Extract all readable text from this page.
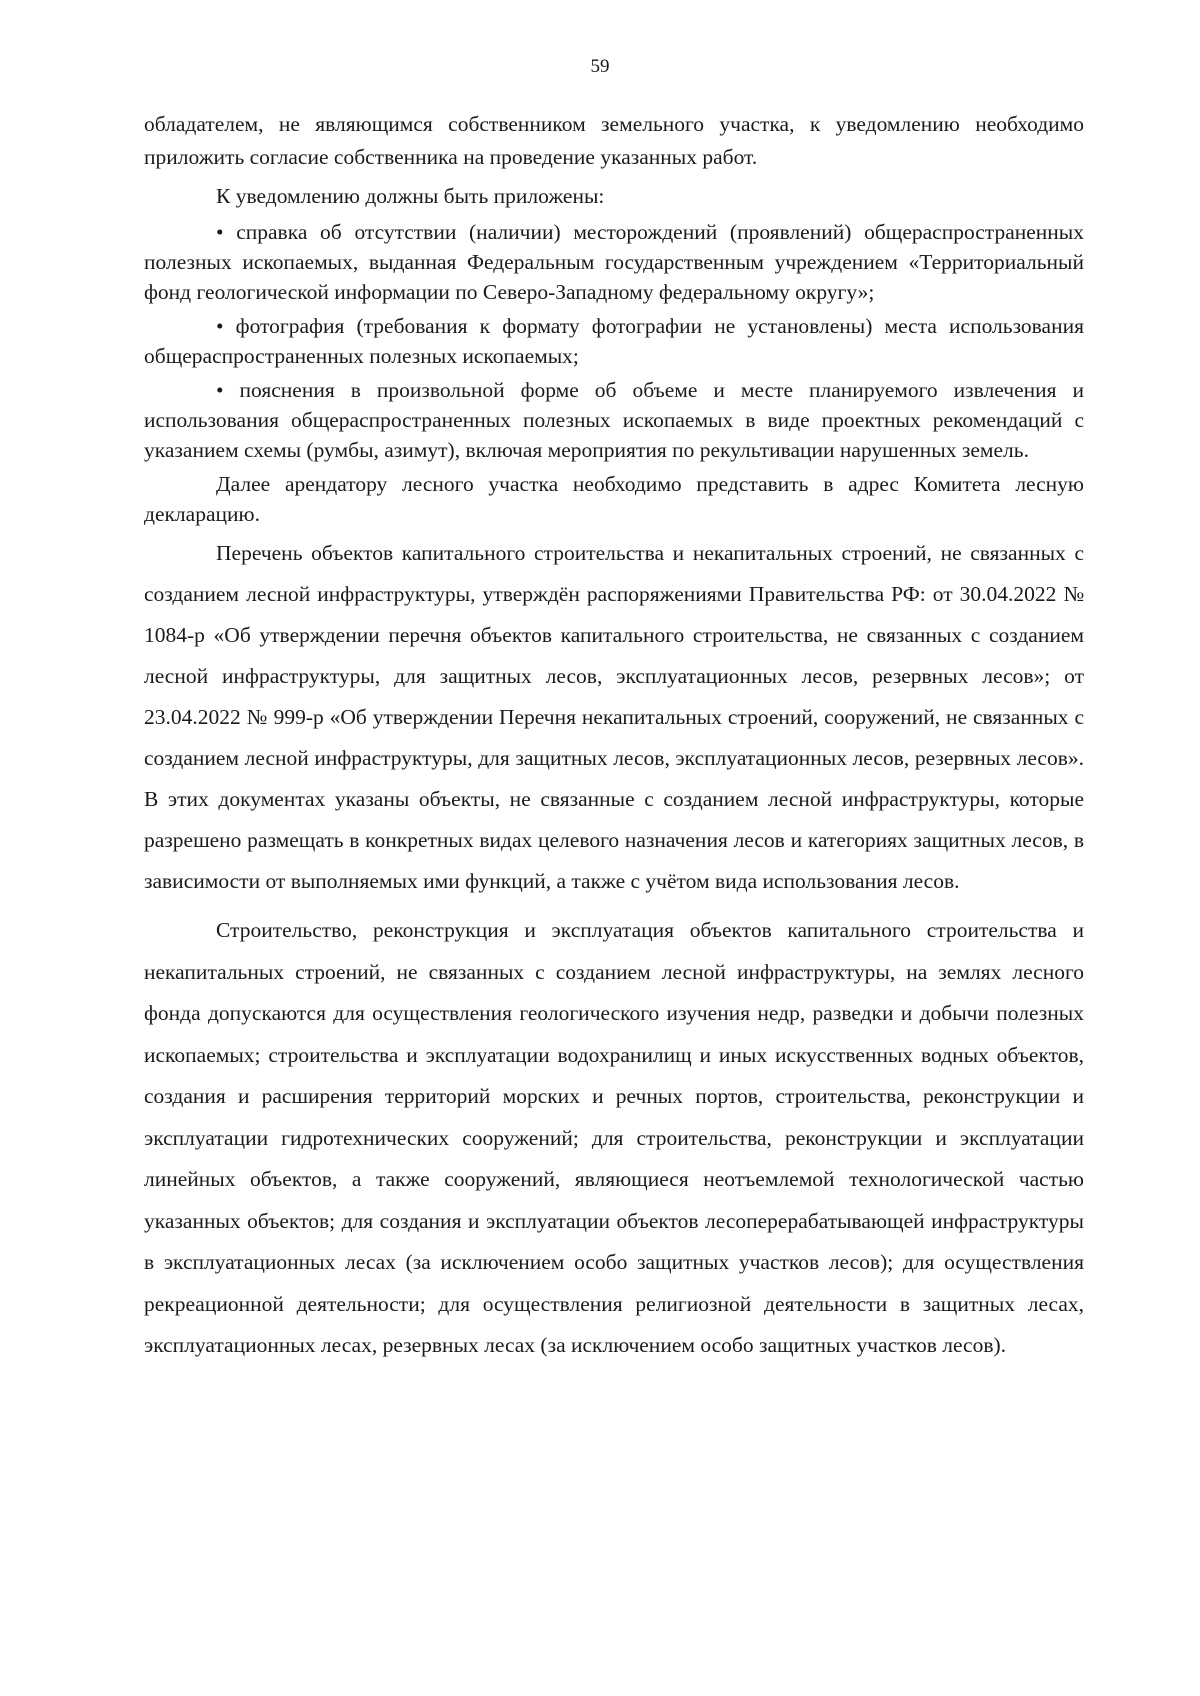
59

обладателем, не являющимся собственником земельного участка, к уведомлению необходимо приложить согласие собственника на проведение указанных работ.

К уведомлению должны быть приложены:

• справка об отсутствии (наличии) месторождений (проявлений) общераспространенных полезных ископаемых, выданная Федеральным государственным учреждением «Территориальный фонд геологической информации по Северо-Западному федеральному округу»;

• фотография (требования к формату фотографии не установлены) места использования общераспространенных полезных ископаемых;

• пояснения в произвольной форме об объеме и месте планируемого извлечения и использования общераспространенных полезных ископаемых в виде проектных рекомендаций с указанием схемы (румбы, азимут), включая мероприятия по рекультивации нарушенных земель.

Далее арендатору лесного участка необходимо представить в адрес Комитета лесную декларацию.

Перечень объектов капитального строительства и некапитальных строений, не связанных с созданием лесной инфраструктуры, утверждён распоряжениями Правительства РФ: от 30.04.2022 № 1084-р «Об утверждении перечня объектов капитального строительства, не связанных с созданием лесной инфраструктуры, для защитных лесов, эксплуатационных лесов, резервных лесов»; от 23.04.2022 № 999-р «Об утверждении Перечня некапитальных строений, сооружений, не связанных с созданием лесной инфраструктуры, для защитных лесов, эксплуатационных лесов, резервных лесов». В этих документах указаны объекты, не связанные с созданием лесной инфраструктуры, которые разрешено размещать в конкретных видах целевого назначения лесов и категориях защитных лесов, в зависимости от выполняемых ими функций, а также с учётом вида использования лесов.

Строительство, реконструкция и эксплуатация объектов капитального строительства и некапитальных строений, не связанных с созданием лесной инфраструктуры, на землях лесного фонда допускаются для осуществления геологического изучения недр, разведки и добычи полезных ископаемых; строительства и эксплуатации водохранилищ и иных искусственных водных объектов, создания и расширения территорий морских и речных портов, строительства, реконструкции и эксплуатации гидротехнических сооружений; для строительства, реконструкции и эксплуатации линейных объектов, а также сооружений, являющиеся неотъемлемой технологической частью указанных объектов; для создания и эксплуатации объектов лесоперерабатывающей инфраструктуры в эксплуатационных лесах (за исключением особо защитных участков лесов); для осуществления рекреационной деятельности; для осуществления религиозной деятельности в защитных лесах, эксплуатационных лесах, резервных лесах (за исключением особо защитных участков лесов).
